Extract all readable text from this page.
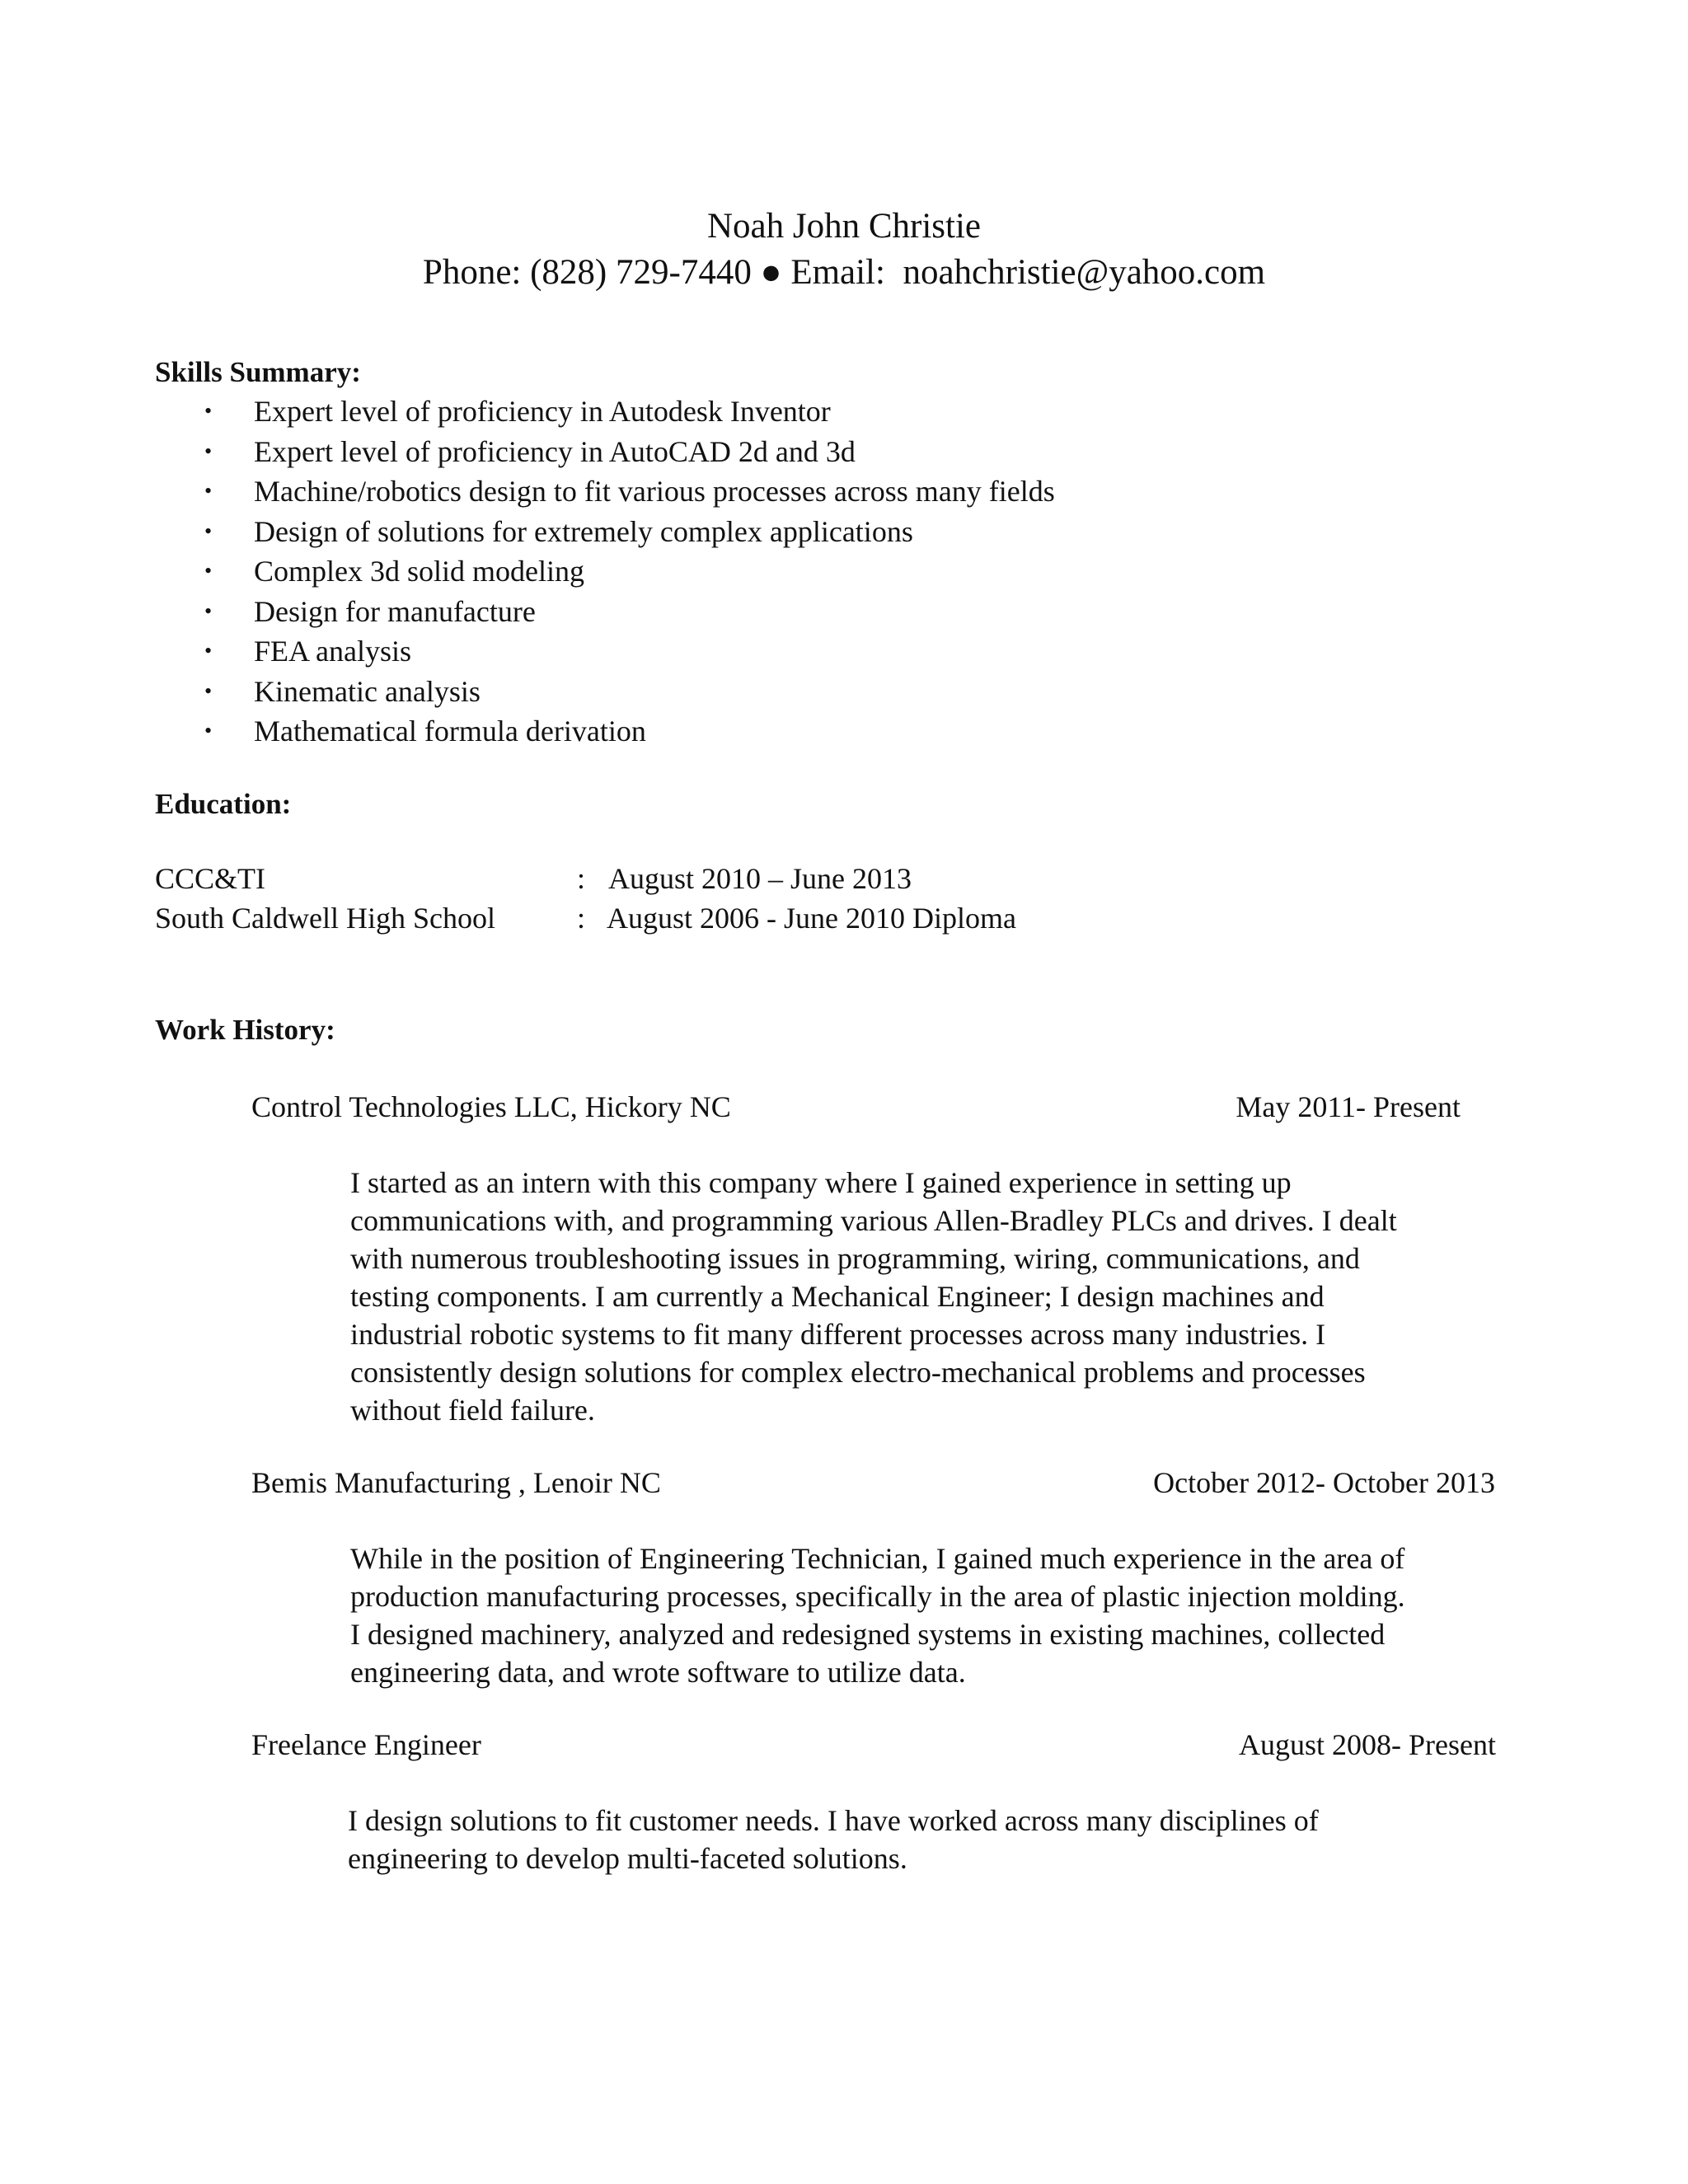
Noah John Christie
Phone: (828) 729-7440 ● Email: noahchristie@yahoo.com
Skills Summary:
•	Expert level of proficiency in Autodesk Inventor
•	Expert level of proficiency in AutoCAD 2d and 3d
•	Machine/robotics design to fit various processes across many fields
•	Design of solutions for extremely complex applications
•	Complex 3d solid modeling
•	Design for manufacture
•	FEA analysis
•	Kinematic analysis
•	Mathematical formula derivation
Education:
CCC&TI	: August 2010 – June 2013
South Caldwell High School	: August 2006 - June 2010 Diploma
Work History:
Control Technologies LLC, Hickory NC	May 2011- Present
I started as an intern with this company where I gained experience in setting up
communications with, and programming various Allen-Bradley PLCs and drives. I dealt
with numerous troubleshooting issues in programming, wiring, communications, and
testing components. I am currently a Mechanical Engineer; I design machines and
industrial robotic systems to fit many different processes across many industries. I
consistently design solutions for complex electro-mechanical problems and processes
without field failure.
Bemis Manufacturing , Lenoir NC	October 2012- October 2013
While in the position of Engineering Technician, I gained much experience in the area of
production manufacturing processes, specifically in the area of plastic injection molding.
I designed machinery, analyzed and redesigned systems in existing machines, collected
engineering data, and wrote software to utilize data.
Freelance Engineer	August 2008- Present
I design solutions to fit customer needs. I have worked across many disciplines of
engineering to develop multi-faceted solutions.
